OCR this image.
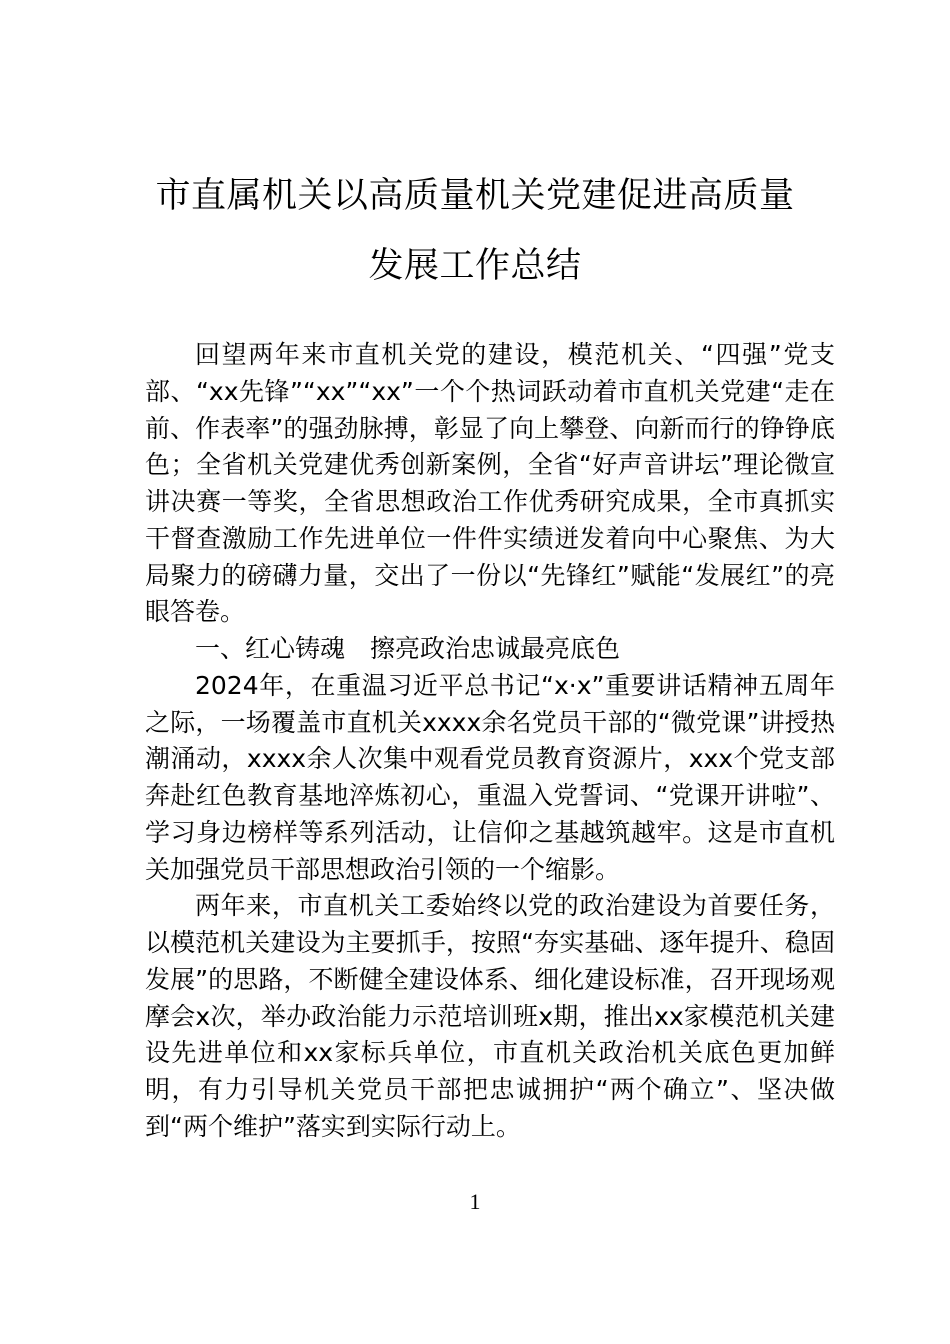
市直属机关以高质量机关党建促进高质量
发展工作总结

回望两年来市直机关党的建设，模范机关、“四强”党支部、“xx先锋”“xx”“xx”一个个热词跃动着市直机关党建“走在前、作表率”的强劲脉搏，彰显了向上攀登、向新而行的铮铮底色；全省机关党建优秀创新案例，全省“好声音讲坛”理论微宣讲决赛一等奖，全省思想政治工作优秀研究成果，全市真抓实干督查激励工作先进单位一件件实绩迸发着向中心聚焦、为大局聚力的磅礴力量，交出了一份以“先锋红”赋能“发展红”的亮眼答卷。

一、红心铸魂　擦亮政治忠诚最亮底色

2024年，在重温习近平总书记“x·x”重要讲话精神五周年之际，一场覆盖市直机关xxxx余名党员干部的“微党课”讲授热潮涌动，xxxx余人次集中观看党员教育资源片，xxx个党支部奔赴红色教育基地淬炼初心，重温入党誓词、“党课开讲啦”、学习身边榜样等系列活动，让信仰之基越筑越牢。这是市直机关加强党员干部思想政治引领的一个缩影。

两年来，市直机关工委始终以党的政治建设为首要任务，以模范机关建设为主要抓手，按照“夯实基础、逐年提升、稳固发展”的思路，不断健全建设体系、细化建设标准，召开现场观摩会x次，举办政治能力示范培训班x期，推出xx家模范机关建设先进单位和xx家标兵单位，市直机关政治机关底色更加鲜明，有力引导机关党员干部把忠诚拥护“两个确立”、坚决做到“两个维护”落实到实际行动上。

1
